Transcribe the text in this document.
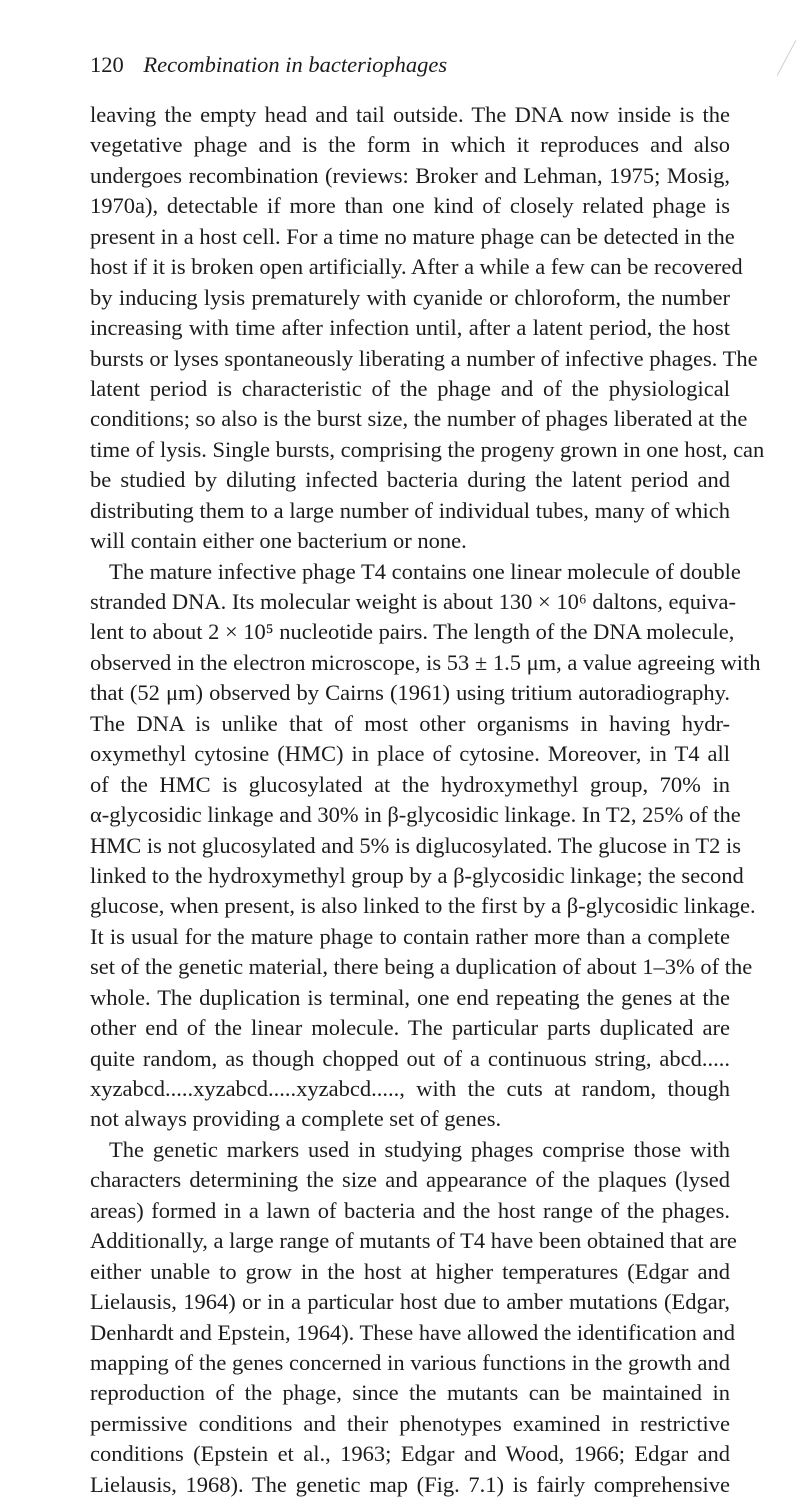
120 Recombination in bacteriophages
leaving the empty head and tail outside. The DNA now inside is the
vegetative phage and is the form in which it reproduces and also
undergoes recombination (reviews: Broker and Lehman, 1975; Mosig,
1970a), detectable if more than one kind of closely related phage is
present in a host cell. For a time no mature phage can be detected in the
host if it is broken open artificially. After a while a few can be recovered
by inducing lysis prematurely with cyanide or chloroform, the number
increasing with time after infection until, after a latent period, the host
bursts or lyses spontaneously liberating a number of infective phages. The
latent period is characteristic of the phage and of the physiological
conditions; so also is the burst size, the number of phages liberated at the
time of lysis. Single bursts, comprising the progeny grown in one host, can
be studied by diluting infected bacteria during the latent period and
distributing them to a large number of individual tubes, many of which
will contain either one bacterium or none.
The mature infective phage T4 contains one linear molecule of double
stranded DNA. Its molecular weight is about 130 × 10⁶ daltons, equiva-
lent to about 2 × 10⁵ nucleotide pairs. The length of the DNA molecule,
observed in the electron microscope, is 53 ± 1.5 μm, a value agreeing with
that (52 μm) observed by Cairns (1961) using tritium autoradiography.
The DNA is unlike that of most other organisms in having hydr-
oxymethyl cytosine (HMC) in place of cytosine. Moreover, in T4 all
of the HMC is glucosylated at the hydroxymethyl group, 70% in
α-glycosidic linkage and 30% in β-glycosidic linkage. In T2, 25% of the
HMC is not glucosylated and 5% is diglucosylated. The glucose in T2 is
linked to the hydroxymethyl group by a β-glycosidic linkage; the second
glucose, when present, is also linked to the first by a β-glycosidic linkage.
It is usual for the mature phage to contain rather more than a complete
set of the genetic material, there being a duplication of about 1–3% of the
whole. The duplication is terminal, one end repeating the genes at the
other end of the linear molecule. The particular parts duplicated are
quite random, as though chopped out of a continuous string, abcd.....
xyzabcd.....xyzabcd.....xyzabcd....., with the cuts at random, though
not always providing a complete set of genes.
The genetic markers used in studying phages comprise those with
characters determining the size and appearance of the plaques (lysed
areas) formed in a lawn of bacteria and the host range of the phages.
Additionally, a large range of mutants of T4 have been obtained that are
either unable to grow in the host at higher temperatures (Edgar and
Lielausis, 1964) or in a particular host due to amber mutations (Edgar,
Denhardt and Epstein, 1964). These have allowed the identification and
mapping of the genes concerned in various functions in the growth and
reproduction of the phage, since the mutants can be maintained in
permissive conditions and their phenotypes examined in restrictive
conditions (Epstein et al., 1963; Edgar and Wood, 1966; Edgar and
Lielausis, 1968). The genetic map (Fig. 7.1) is fairly comprehensive
